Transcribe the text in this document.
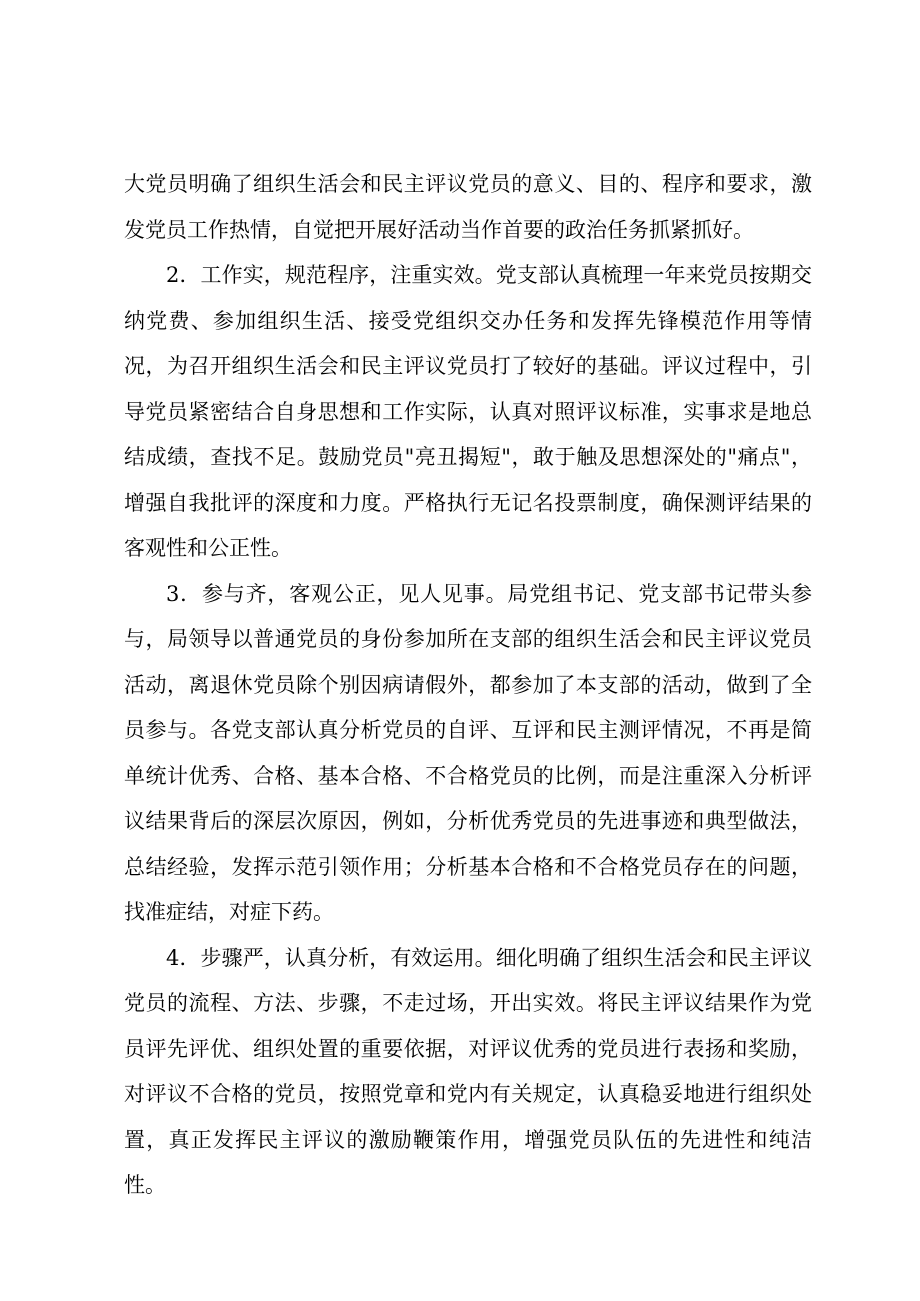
大党员明确了组织生活会和民主评议党员的意义、目的、程序和要求，激发党员工作热情，自觉把开展好活动当作首要的政治任务抓紧抓好。

2．工作实，规范程序，注重实效。党支部认真梳理一年来党员按期交纳党费、参加组织生活、接受党组织交办任务和发挥先锋模范作用等情况，为召开组织生活会和民主评议党员打了较好的基础。评议过程中，引导党员紧密结合自身思想和工作实际，认真对照评议标准，实事求是地总结成绩，查找不足。鼓励党员"亮丑揭短"，敢于触及思想深处的"痛点"，增强自我批评的深度和力度。严格执行无记名投票制度，确保测评结果的客观性和公正性。

3．参与齐，客观公正，见人见事。局党组书记、党支部书记带头参与，局领导以普通党员的身份参加所在支部的组织生活会和民主评议党员活动，离退休党员除个别因病请假外，都参加了本支部的活动，做到了全员参与。各党支部认真分析党员的自评、互评和民主测评情况，不再是简单统计优秀、合格、基本合格、不合格党员的比例，而是注重深入分析评议结果背后的深层次原因，例如，分析优秀党员的先进事迹和典型做法，总结经验，发挥示范引领作用；分析基本合格和不合格党员存在的问题，找准症结，对症下药。

4．步骤严，认真分析，有效运用。细化明确了组织生活会和民主评议党员的流程、方法、步骤，不走过场，开出实效。将民主评议结果作为党员评先评优、组织处置的重要依据，对评议优秀的党员进行表扬和奖励，对评议不合格的党员，按照党章和党内有关规定，认真稳妥地进行组织处置，真正发挥民主评议的激励鞭策作用，增强党员队伍的先进性和纯洁性。
